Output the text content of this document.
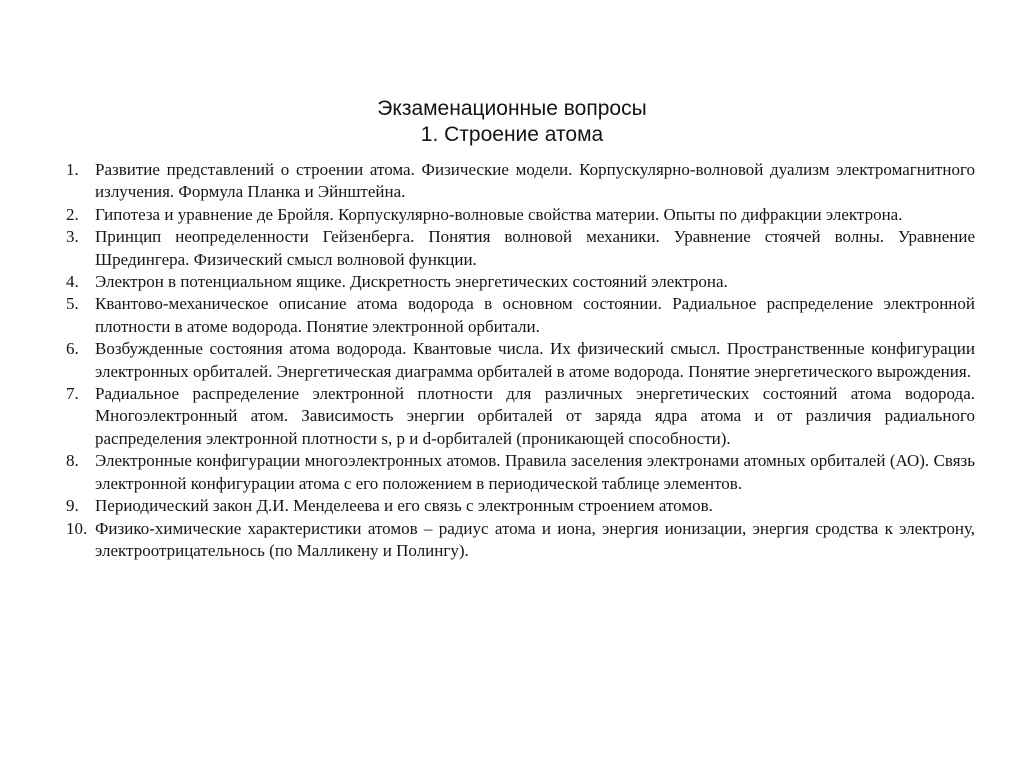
Экзаменационные вопросы
1. Строение атома
1. Развитие представлений о строении атома. Физические модели. Корпускулярно-волновой дуализм электромагнитного излучения. Формула Планка и Эйнштейна.
2. Гипотеза и уравнение де Бройля. Корпускулярно-волновые свойства материи. Опыты по дифракции электрона.
3. Принцип неопределенности Гейзенберга. Понятия волновой механики. Уравнение стоячей волны. Уравнение Шредингера. Физический смысл волновой функции.
4. Электрон в потенциальном ящике. Дискретность энергетических состояний электрона.
5. Квантово-механическое описание атома водорода в основном состоянии. Радиальное распределение электронной плотности в атоме водорода. Понятие электронной орбитали.
6. Возбужденные состояния атома водорода. Квантовые числа. Их физический смысл. Пространственные конфигурации электронных орбиталей. Энергетическая диаграмма орбиталей в атоме водорода. Понятие энергетического вырождения.
7. Радиальное распределение электронной плотности для различных энергетических состояний атома водорода. Многоэлектронный атом. Зависимость энергии орбиталей от заряда ядра атома и от различия радиального распределения электронной плотности s, p и d-орбиталей (проникающей способности).
8. Электронные конфигурации многоэлектронных атомов. Правила заселения электронами атомных орбиталей (АО). Связь электронной конфигурации атома с его положением в периодической таблице элементов.
9. Периодический закон Д.И. Менделеева и его связь с электронным строением атомов.
10. Физико-химические характеристики атомов – радиус атома и иона, энергия ионизации, энергия сродства к электрону, электроотрицательнось (по Малликену и Полингу).
